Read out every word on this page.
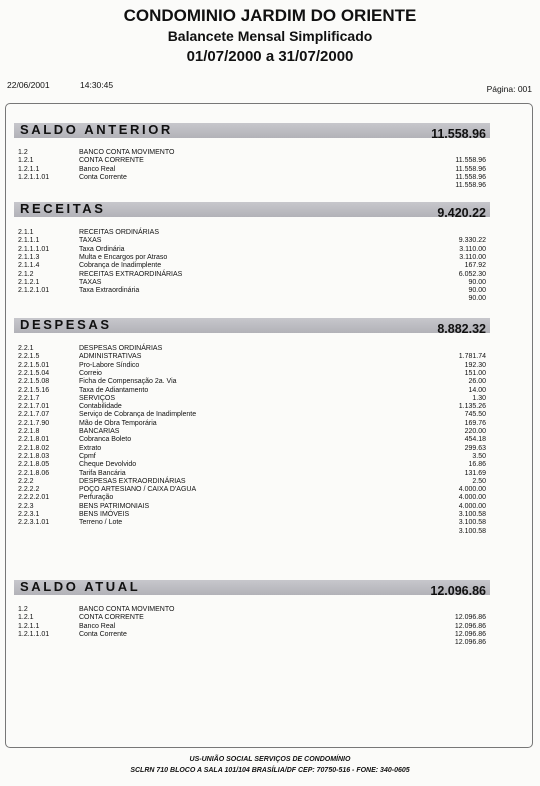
CONDOMINIO JARDIM DO ORIENTE
Balancete Mensal Simplificado
01/07/2000 a 31/07/2000
22/06/2001	14:30:45	Página: 001
SALDO ANTERIOR	11.558.96
1.2	BANCO CONTA MOVIMENTO
1.2.1	CONTA CORRENTE	11.558.96
1.2.1.1	Banco Real	11.558.96
1.2.1.1.01	Conta Corrente	11.558.96
11.558.96
RECEITAS	9.420.22
2.1.1	RECEITAS ORDINÁRIAS
2.1.1.1	TAXAS	9.330.22
2.1.1.1.01	Taxa Ordinária	3.110.00
2.1.1.3	Multa e Encargos por Atraso	3.110.00
2.1.1.4	Cobrança de Inadimplente	167.92
2.1.2	RECEITAS EXTRAORDINÁRIAS	6.052.30
2.1.2.1	TAXAS	90.00
2.1.2.1.01	Taxa Extraordinária	90.00
90.00
DESPESAS	8.882.32
2.2.1	DESPESAS ORDINÁRIAS
2.2.1.5	ADMINISTRATIVAS	1.781.74
2.2.1.5.01	Pro-Labore Síndico	192.30
2.2.1.5.04	Correio	151.00
2.2.1.5.08	Ficha de Compensação 2a. Via	26.00
2.2.1.5.16	Taxa de Adiantamento	14.00
2.2.1.7	SERVIÇOS	1.30
2.2.1.7.01	Contabilidade	1.135.26
2.2.1.7.07	Serviço de Cobrança de Inadimplente	745.50
2.2.1.7.90	Mão de Obra Temporária	169.76
2.2.1.8	BANCARIAS	220.00
2.2.1.8.01	Cobranca Boleto	454.18
2.2.1.8.02	Extrato	299.63
2.2.1.8.03	Cpmf	3.50
2.2.1.8.05	Cheque Devolvido	16.86
2.2.1.8.06	Tarifa Bancária	131.69
2.2.2	DESPESAS EXTRAORDINÁRIAS	2.50
2.2.2.2	POÇO ARTESIANO / CAIXA D'AGUA	4.000.00
2.2.2.2.01	Perfuração	4.000.00
2.2.3	BENS PATRIMONIAIS	4.000.00
2.2.3.1	BENS IMÓVEIS	3.100.58
2.2.3.1.01	Terreno / Lote	3.100.58
3.100.58
SALDO ATUAL	12.096.86
1.2	BANCO CONTA MOVIMENTO
1.2.1	CONTA CORRENTE	12.096.86
1.2.1.1	Banco Real	12.096.86
1.2.1.1.01	Conta Corrente	12.096.86
12.096.86
US-UNIÃO SOCIAL SERVIÇOS DE CONDOMÍNIO
SCLRN 710 BLOCO A SALA 101/104 BRASÍLIA/DF CEP: 70750-516 - FONE: 340-0605
